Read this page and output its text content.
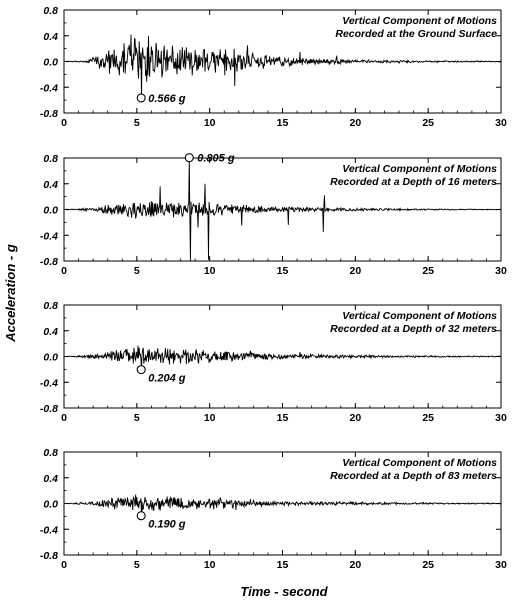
Time - second
Acceleration - g
0	5	10	15	20	25	30
0.8
0.4
0.0
-0.4
-0.8
0.566 g
Vertical Component of Motions
Recorded at the Ground Surface
0	5	10	15	20	25	30
0.8
0.4
0.0
-0.4
-0.8
0.805 g
Vertical Component of Motions
Recorded at a Depth of 16 meters
0	5	10	15	20	25	30
0.8
0.4
0.0
-0.4
-0.8
0.204 g
Vertical Component of Motions
Recorded at a Depth of 32 meters
0	5	10	15	20	25	30
0.8
0.4
0.0
-0.4
-0.8
0.190 g
Vertical Component of Motions
Recorded at a Depth of 83 meters
